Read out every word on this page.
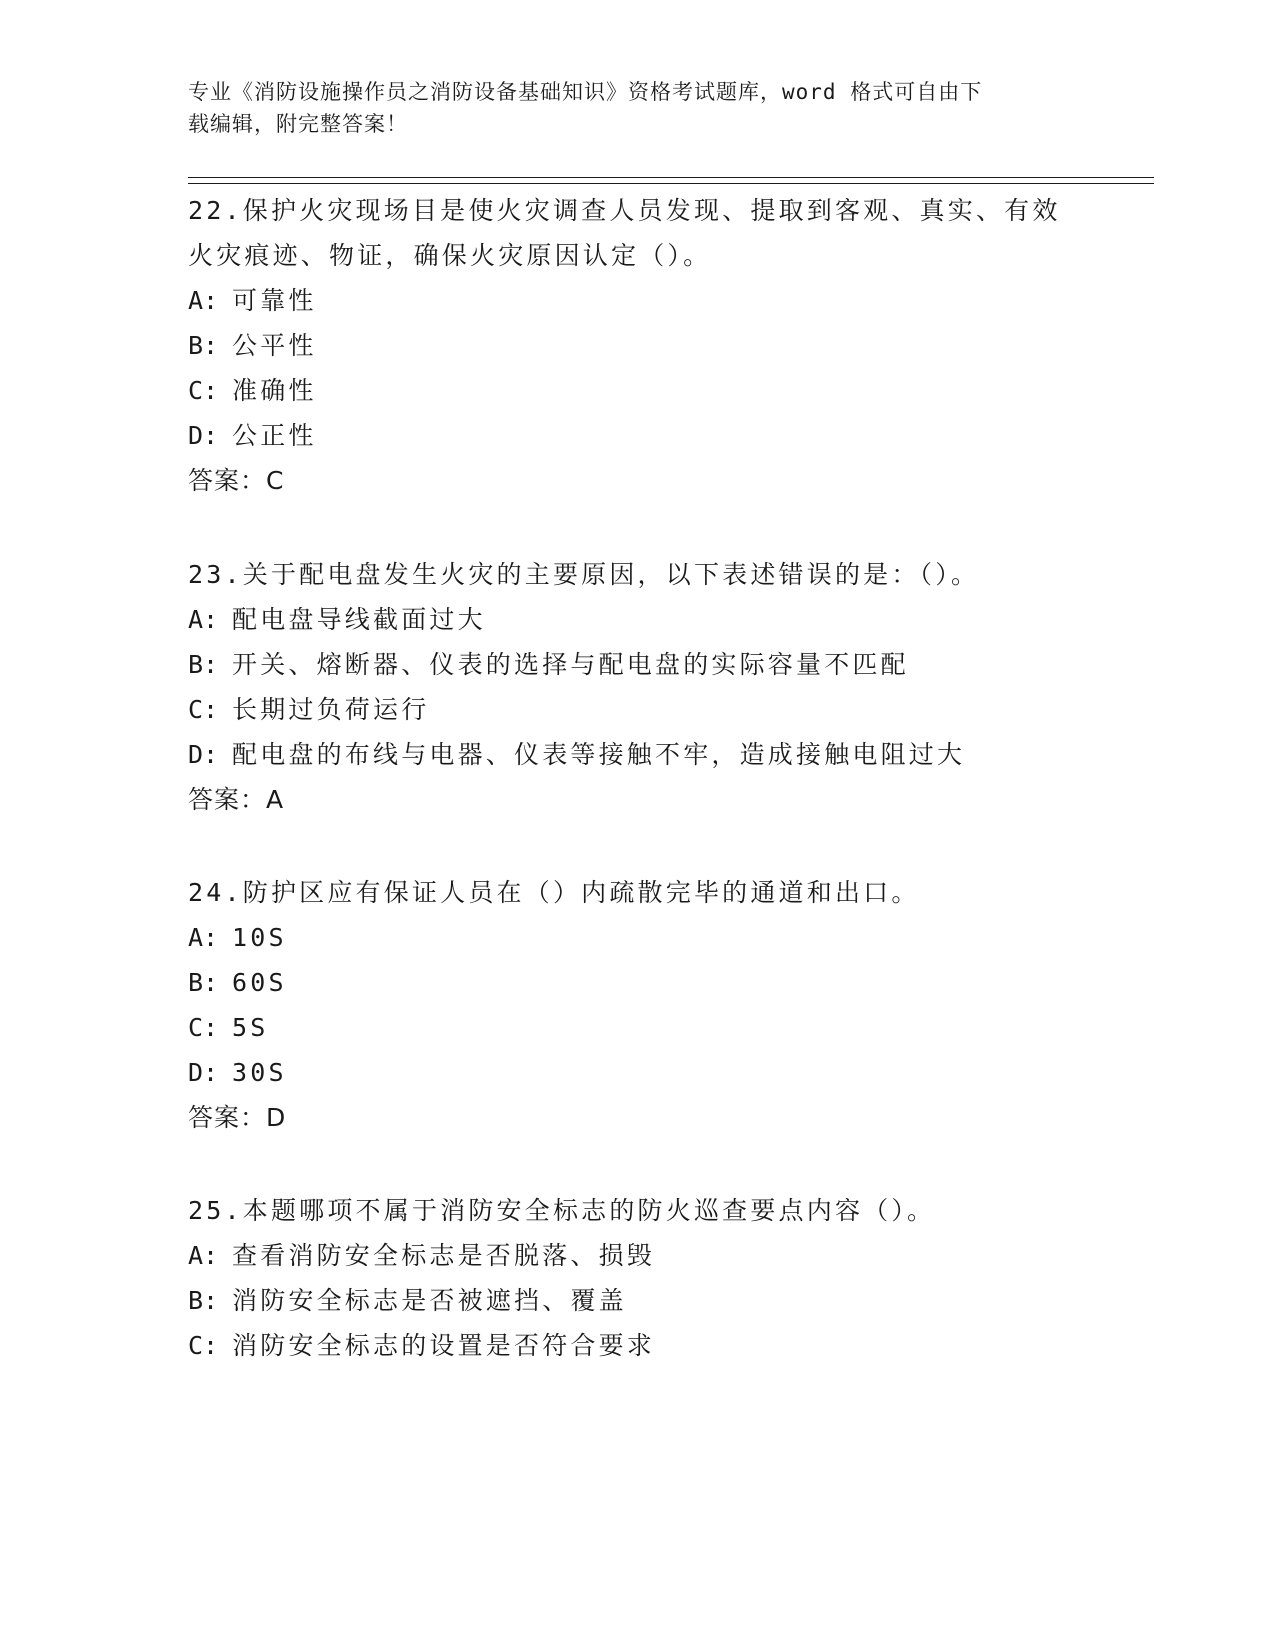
专业《消防设施操作员之消防设备基础知识》资格考试题库，word 格式可自由下
载编辑，附完整答案！
22.保护火灾现场目是使火灾调查人员发现、提取到客观、真实、有效
火灾痕迹、物证，确保火灾原因认定（）。
A: 可靠性
B: 公平性
C: 准确性
D: 公正性
答案：C
23.关于配电盘发生火灾的主要原因，以下表述错误的是：（）。
A: 配电盘导线截面过大
B: 开关、熔断器、仪表的选择与配电盘的实际容量不匹配
C: 长期过负荷运行
D: 配电盘的布线与电器、仪表等接触不牢，造成接触电阻过大
答案：A
24.防护区应有保证人员在（）内疏散完毕的通道和出口。
A: 10S
B: 60S
C: 5S
D: 30S
答案：D
25.本题哪项不属于消防安全标志的防火巡查要点内容（）。
A: 查看消防安全标志是否脱落、损毁
B: 消防安全标志是否被遮挡、覆盖
C: 消防安全标志的设置是否符合要求
